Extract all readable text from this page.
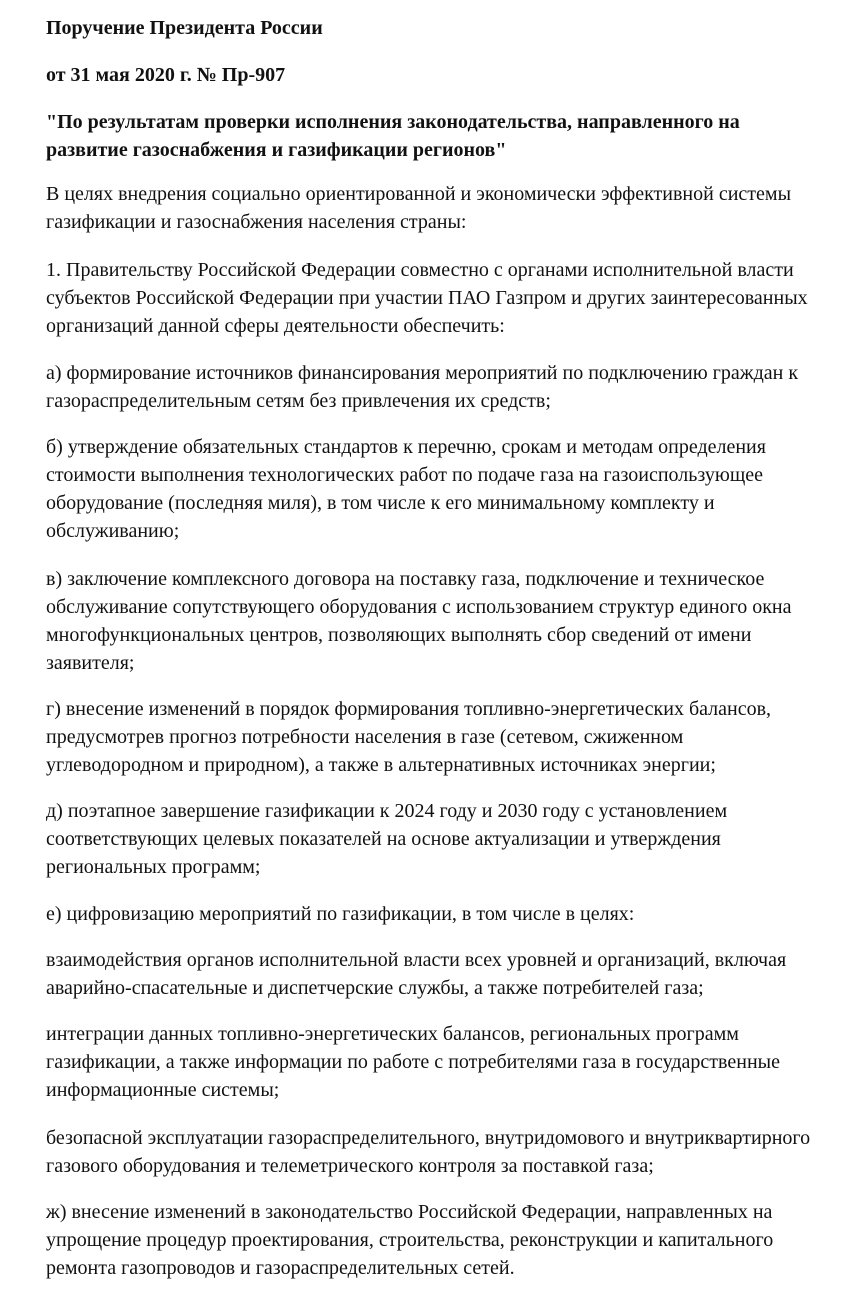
Поручение Президента России
от 31 мая 2020 г. № Пр-907
"По результатам проверки исполнения законодательства, направленного на
развитие газоснабжения и газификации регионов"
В целях внедрения социально ориентированной и экономически эффективной системы
газификации и газоснабжения населения страны:
1. Правительству Российской Федерации совместно с органами исполнительной власти
субъектов Российской Федерации при участии ПАО Газпром и других заинтересованных
организаций данной сферы деятельности обеспечить:
а) формирование источников финансирования мероприятий по подключению граждан к
газораспределительным сетям без привлечения их средств;
б) утверждение обязательных стандартов к перечню, срокам и методам определения
стоимости выполнения технологических работ по подаче газа на газоиспользующее
оборудование (последняя миля), в том числе к его минимальному комплекту и
обслуживанию;
в) заключение комплексного договора на поставку газа, подключение и техническое
обслуживание сопутствующего оборудования с использованием структур единого окна
многофункциональных центров, позволяющих выполнять сбор сведений от имени
заявителя;
г) внесение изменений в порядок формирования топливно-энергетических балансов,
предусмотрев прогноз потребности населения в газе (сетевом, сжиженном
углеводородном и природном), а также в альтернативных источниках энергии;
д) поэтапное завершение газификации к 2024 году и 2030 году с установлением
соответствующих целевых показателей на основе актуализации и утверждения
региональных программ;
е) цифровизацию мероприятий по газификации, в том числе в целях:
взаимодействия органов исполнительной власти всех уровней и организаций, включая
аварийно-спасательные и диспетчерские службы, а также потребителей газа;
интеграции данных топливно-энергетических балансов, региональных программ
газификации, а также информации по работе с потребителями газа в государственные
информационные системы;
безопасной эксплуатации газораспределительного, внутридомового и внутриквартирного
газового оборудования и телеметрического контроля за поставкой газа;
ж) внесение изменений в законодательство Российской Федерации, направленных на
упрощение процедур проектирования, строительства, реконструкции и капитального
ремонта газопроводов и газораспределительных сетей.
